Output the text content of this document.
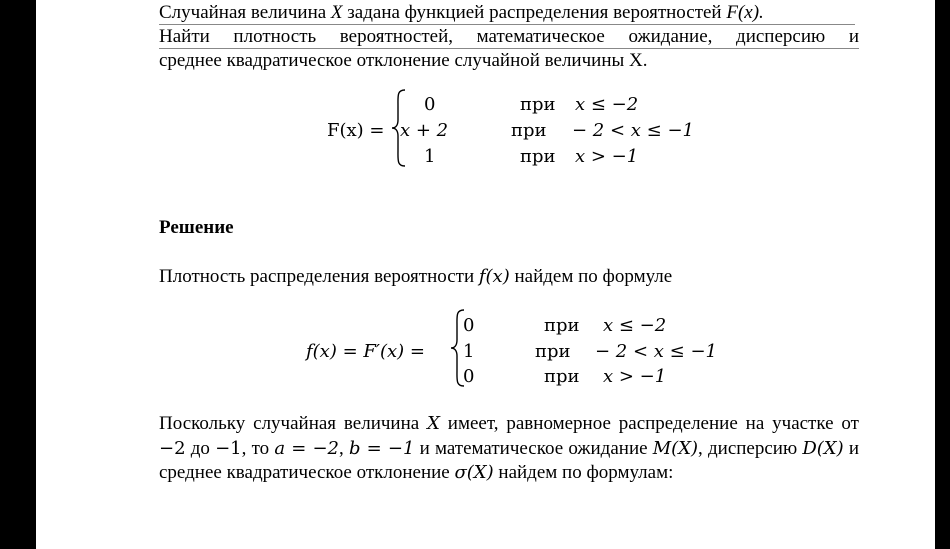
Случайная величина X задана функцией распределения вероятностей F(x).
Найти плотность вероятностей, математическое ожидание, дисперсию и
среднее квадратическое отклонение случайной величины X.
F(x) =
0	при x ≤ −2
x + 2	при − 2 < x ≤ −1
1	при x > −1
Решение
Плотность распределения вероятности f(x) найдем по формуле
f(x) = F′(x) =
0	при x ≤ −2
1	при − 2 < x ≤ −1
0	при x > −1
Поскольку случайная величина X имеет, равномерное распределение на участке от −2 до −1, то a = −2, b = −1 и математическое ожидание M(X), дисперсию D(X) и среднее квадратическое отклонение σ(X) найдем по формулам:
